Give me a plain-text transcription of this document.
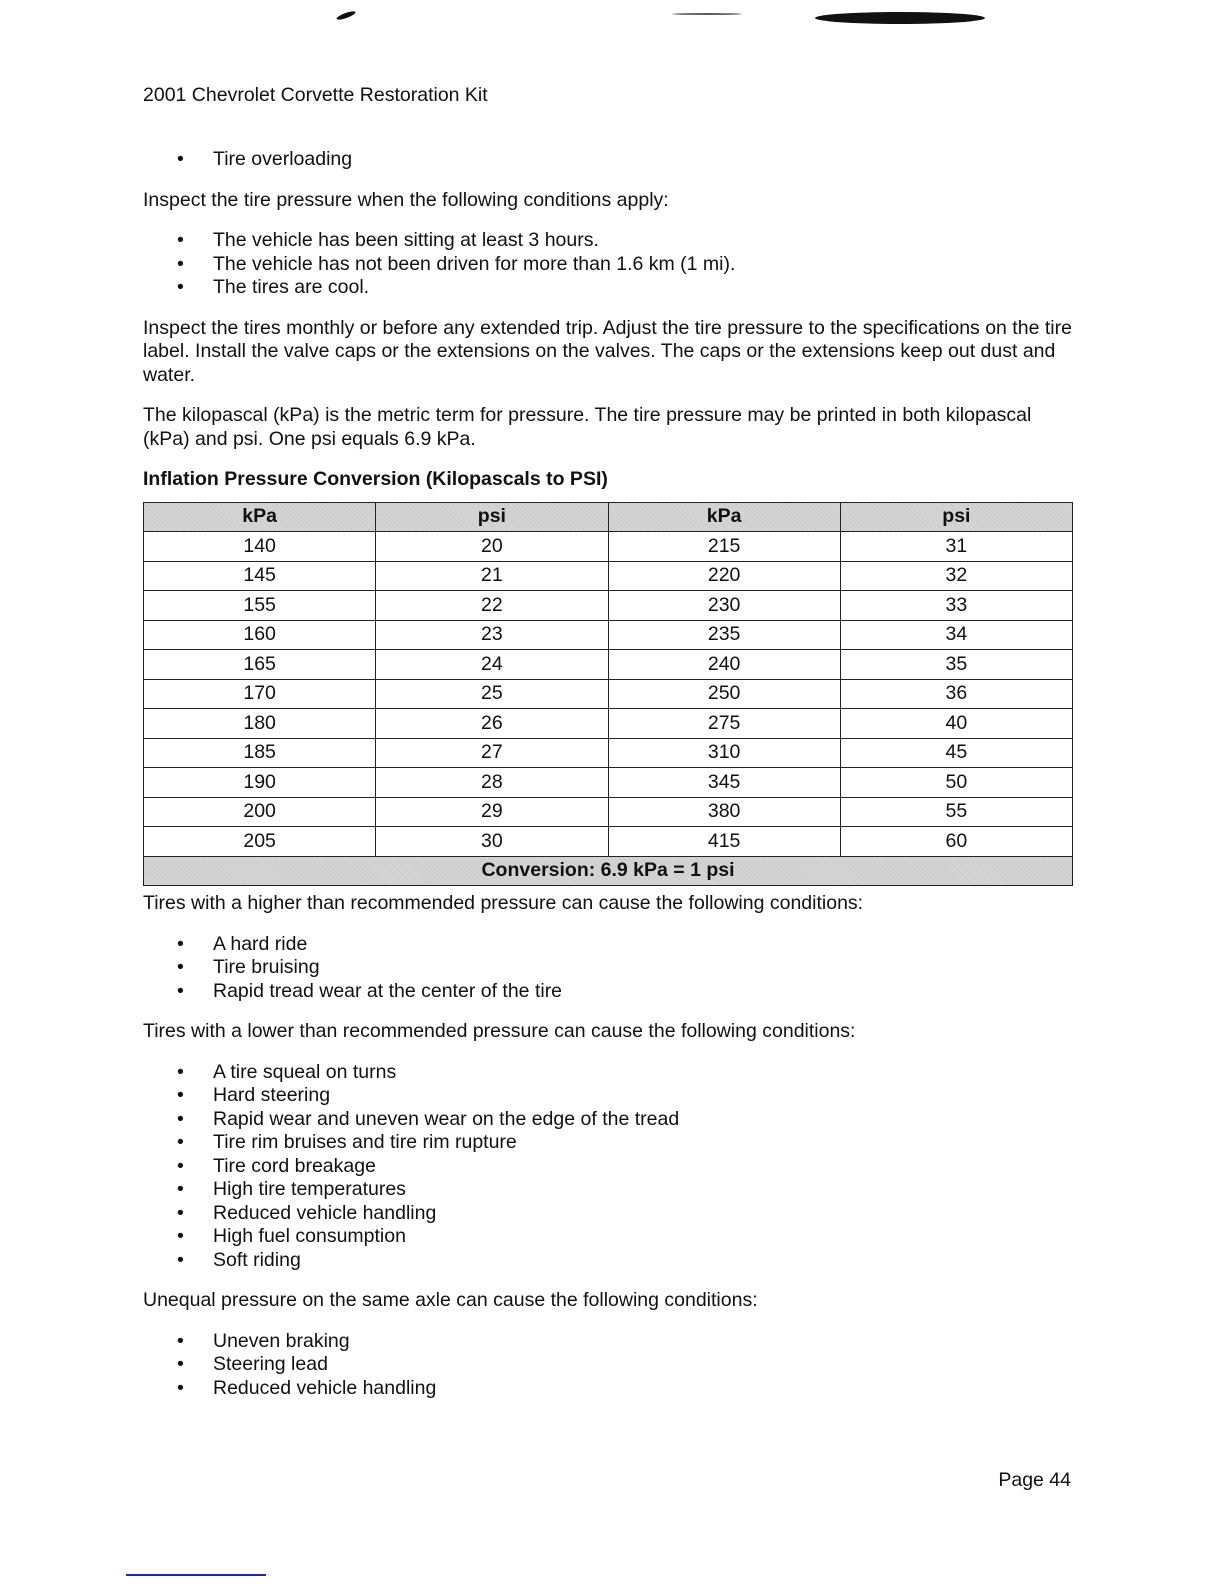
2001 Chevrolet Corvette Restoration Kit
• Tire overloading

Inspect the tire pressure when the following conditions apply:

• The vehicle has been sitting at least 3 hours.
• The vehicle has not been driven for more than 1.6 km (1 mi).
• The tires are cool.

Inspect the tires monthly or before any extended trip. Adjust the tire pressure to the specifications on the tire label. Install the valve caps or the extensions on the valves. The caps or the extensions keep out dust and water.

The kilopascal (kPa) is the metric term for pressure. The tire pressure may be printed in both kilopascal (kPa) and psi. One psi equals 6.9 kPa.

Inflation Pressure Conversion (Kilopascals to PSI)

kPa	psi	kPa	psi
140	20	215	31
145	21	220	32
155	22	230	33
160	23	235	34
165	24	240	35
170	25	250	36
180	26	275	40
185	27	310	45
190	28	345	50
200	29	380	55
205	30	415	60
Conversion: 6.9 kPa = 1 psi			

Tires with a higher than recommended pressure can cause the following conditions:

• A hard ride
• Tire bruising
• Rapid tread wear at the center of the tire

Tires with a lower than recommended pressure can cause the following conditions:

• A tire squeal on turns
• Hard steering
• Rapid wear and uneven wear on the edge of the tread
• Tire rim bruises and tire rim rupture
• Tire cord breakage
• High tire temperatures
• Reduced vehicle handling
• High fuel consumption
• Soft riding

Unequal pressure on the same axle can cause the following conditions:

• Uneven braking
• Steering lead
• Reduced vehicle handling
Page 44
